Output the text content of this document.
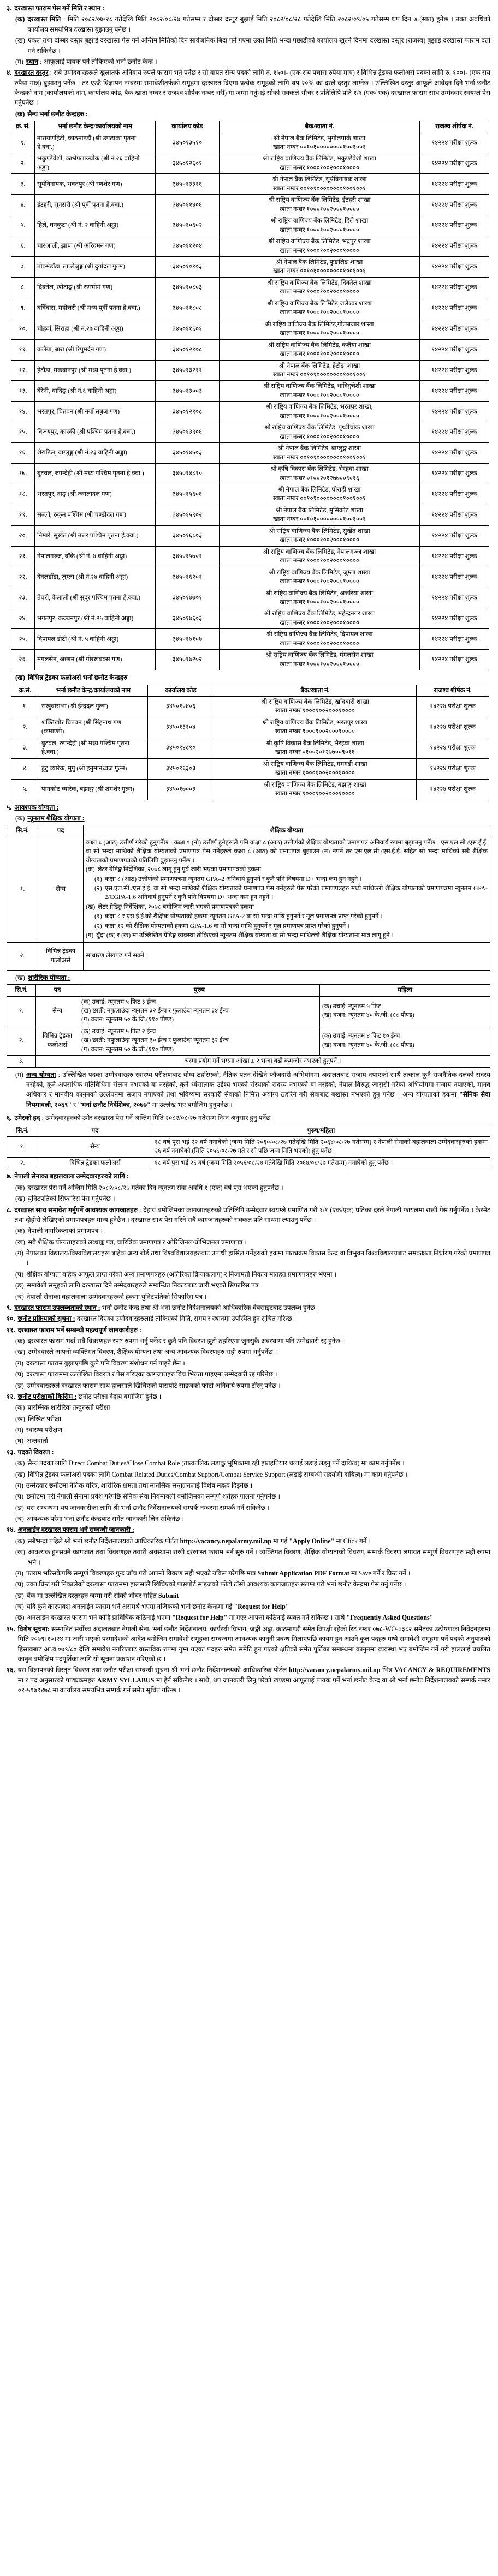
३. दरखास्त फाराम पेस गर्ने मिति र स्थान :
(क) दरखास्त मिति : मिति २०८२/०७/२८ गतेदेखि मिति २०८२/०८/२७ गतेसम्म र दोब्बर दस्तुर बुझाई मिति २०८२/०८/२८ गतेदेखि मिति २०८२/०९/०५ गतेसम्म थप दिन ७ (सात) हुनेछ । उक्त अवधिको कार्यालय समयभित्र दरखास्त बुझाउनु पर्नेछ ।
(ख) एकल तथा दोब्बर दस्तुर बुझाई दरखास्त पेस गर्ने अन्तिम मितिको दिन सार्वजनिक बिदा पर्न गएमा उक्त मिति भन्दा पछाडीको कार्यालय खुल्ने दिनमा दरखास्त दस्तुर (राजस्व) बुझाई दरखास्त फाराम दर्ता गर्न सकिनेछ ।
(ग) स्थान : आफूलाई पायक पर्ने तोकिएको भर्ना छनौट केन्द्र ।
४. दरखास्त दस्तुर : सबै उम्मेदवारहरूले खुलातर्फ अनिवार्य रुपले फाराम भर्नु पर्नेछ र सो वापत सैन्य पदको लागि रु. १५०।- (एक सय पचास रुपैया मात्र) र विभिन्न ट्रेडका फलोअर्स पदको लागि रु. १००।- (एक सय रुपैया मात्र) बुझाउनु पर्नेछ । तर एउटै विज्ञापन नम्बरमा समावेशीतर्फको समूहमा दरखास्त दिएमा प्रत्येक समूहको लागि थप २०% का दरले दस्तुर लाग्नेछ । उल्लिखित दस्तुर आफूले आवेदन दिने भर्ना छनौट केन्द्रको नाम (कार्यालयको नाम, कार्यालय कोड, बैक खाता नम्बर र राजश्व शीर्षक नम्बर भरी) मा जम्मा गर्नुभई सोको सक्कले भौचर र प्रतिलिपि प्रति १/१ (एक/ एक) दरखास्त फाराम साथ उम्मेदवार स्वयम्ले पेस गर्नुपर्नेछ ।
(क) सैन्य भर्ना छनौट केन्द्रहरु :
क्र. सं.	भर्ना छनौट केन्द्र/कार्यालयको नाम	कार्यालय कोड	बैक/खाता नं.	राजश्व शीर्षक नं.
१.	नारायणहिटी, काठमाण्डौ (श्री उपत्यका पृतना हे.क्वा.)	३४५०१३५१०	श्री नेपाल बैंक लिमिटेड, भुगोलपार्क शाखा
खाता नम्बर ००१०१००००००००१००१००१	१४२२४ परीक्षा शुल्क
२.	भकुण्डेवेशी, काभ्रेपलाञ्चोक (श्री नं.२६ वाहिनी अड्डा)	३४५०१२६०१	श्री राष्ट्रिय वाणिज्य बैंक लिमिटेड, भकुण्डेवेशी शाखा
खाता नम्बर १०००१००२०००१००००	१४२२४ परीक्षा शुल्क
३.	सूर्यविनायक, भक्तपुर (श्री रणशेर गण)	३४५०१३३१६	श्री नेपाल बैंक लिमिटेड, सूर्यविनायक शाखा
खाता नम्बर ००१०१००००००००१००१००१	१४२२४ परीक्षा शुल्क
४.	ईटहरी, सुनसरी (श्री पूर्वी पृतना हे.क्वा.)	३४५०११४०६	श्री राष्ट्रिय वाणिज्य बैंक लिमिटेड, ईटहरी शाखा
खाता नम्बर १०००१००२०००१००००	१४२२४ परीक्षा शुल्क
५.	हिले, धनकुटा (श्री नं. २ वाहिनी अड्डा)	३४५०१०६०२	श्री राष्ट्रिय वाणिज्य बैंक लिमिटेड, हिले शाखा
खाता नम्बर १०००१००२०००१००००	१४२२४ परीक्षा शुल्क
६.	चारआली, झापा (श्री अरिदमन गण)	३४५०११२०४	श्री राष्ट्रिय वाणिज्य बैंक लिमिटेड, भद्रपुर शाखा
खाता नम्बर १०००१००२०००१००००	१४२२४ परीक्षा शुल्क
७.	तोक्मेडाँडा, ताप्लेजुङ्ग (श्री दुर्गादल गुल्म)	३४५०१०१०३	श्री नेपाल बैंक लिमिटेड, फुङलिङ शाखा
खाता नम्बर ००१०१००००००००१००१००१	१४२२४ परीक्षा शुल्क
८.	दिक्तेल, खोटाङ्ग (श्री रणभीम गण)	३४५०१०८०३	श्री राष्ट्रिय वाणिज्य बैंक लिमिटेड, दिक्तेल शाखा
खाता नम्बर १०००१००२०००१००००	१४२२४ परीक्षा शुल्क
९.	बर्दिबास, महोत्तरी (श्री मध्य पूर्वी पृतना हे.क्वा.)	३४५०११८०८	श्री राष्ट्रिय वाणिज्य बैंक लिमिटेड,जलेश्वर शाखा
खाता नम्बर १०००१००२०००१००००	१४२२४ परीक्षा शुल्क
१०.	चोहर्वा, सिराहा (श्री नं.२७ वाहिनी अड्डा)	३४५०११६०१	श्री राष्ट्रिय वाणिज्य बैंक लिमिटेड,गोलबजार शाखा
खाता नम्बर १०००१००२०००१००००	१४२२४ परीक्षा शुल्क
११.	कलैया, बारा (श्री रिपुमर्दन गण)	३४५०१२१०८	श्री राष्ट्रिय वाणिज्य बैंक लिमिटेड, कलैया शाखा
खाता नम्बर १०००१००२०००१००००	१४२२४ परीक्षा शुल्क
१२.	हेटौडा, मकवानपुर (श्री मध्य पृतना हे.क्वा.)	३४५०१३२११	श्री नेपाल बैंक लिमिटेड, हेटौडा शाखा
खाता नम्बर ००१०१००००००००१००१००१	१४२२४ परीक्षा शुल्क
१३.	बैरेनी, धादिङ्ग (श्री नं.६ वाहिनी अड्डा)	३४५०१३००३	श्री राष्ट्रिय वाणिज्य बैंक लिमिटेड, धादिङ्गवेशी शाखा
खाता नम्बर १०००१००२०००१००००	१४२२४ परीक्षा शुल्क
१४.	भरतपुर, चितवन (श्री नयाँ सबुज गण)	३४५०१२१०८	श्री राष्ट्रिय वाणिज्य बैंक लिमिटेड, भरतपुर शाखा,
खाता नम्बर १०००१००२०००१००००	१४२२४ परीक्षा शुल्क
१५.	विजयपुर, कास्की (श्री पश्चिम पृतना हे.क्वा.)	३४५०१३९०६	श्री राष्ट्रिय वाणिज्य बैंक लिमिटेड, पृथ्वीचोक शाखा
खाता नम्बर १०००१००२०००१००००	१४२२४ परीक्षा शुल्क
१६.	शेराडिल, बाग्लुङ्ग (श्री नं.२३ वाहिनी अड्डा)	३४५०१४५०३	श्री नेपाल बैंक लिमिटेड, बाग्लुङ्ग शाखा
खाता नम्बर ००१०१००००००००१००१००१	१४२२४ परीक्षा शुल्क
१७.	बुटवल, रुपन्देही (श्री मध्य पश्चिम पृतना हे.क्वा.)	३४५०१४८१०	श्री कृषि विकास बैंक लिमिटेड, भैरहवा शाखा
खाता नम्बर ०१००२०१२७७००९०१६	१४२२४ परीक्षा शुल्क
१८.	भरतपुर, दाङ्ग (श्री ज्वालादल गण)	३४५०१५६०६	श्री नेपाल बैंक लिमिटेड, घोराही शाखा
खाता नम्बर ००१०१००००००००१००१००१	१४२२४ परीक्षा शुल्क
१९.	सल्लो, रुकुम पश्चिम (श्री चण्डीदल गण)	३४५०१५९०२	श्री नेपाल बैंक लिमिटेड, मुसिकोट शाखा
खाता नम्बर ००१०१००००००००१००१००१	१४२२४ परीक्षा शुल्क
२०.	निमारे, सुर्खेत (श्री उत्तर पश्चिम पृतना हे.क्वा.)	३४५०१६८०३	श्री राष्ट्रिय वाणिज्य बैंक लिमिटेड, सुर्खेत शाखा
खाता नम्बर १०००१००२०००१००००	१४२२४ परीक्षा शुल्क
२१.	नेपालगञ्ज, बाँके (श्री नं. ४ वाहिनी अड्डा)	३४५०१५७०१	श्री राष्ट्रिय वाणिज्य बैंक लिमिटेड, नेपालगञ्ज शाखा
खाता नम्बर १०००१००२०००१००००	१४२२४ परीक्षा शुल्क
२२.	देवलडाँडा, जुम्ला (श्री नं.२४ वाहिनी अड्डा)	३४५०१६२०१	श्री राष्ट्रिय वाणिज्य बैंक लिमिटेड, जुम्ला शाखा
खाता नम्बर १०००१००२०००१००००	१४२२४ परीक्षा शुल्क
२३.	तेघरी, कैलाली (श्री सुदूर पश्चिम पृतना हे.क्वा.)	३४५०१७७०१	श्री राष्ट्रिय वाणिज्य बैंक लिमिटेड, अत्तरिया शाखा
खाता नम्बर १०००१००२०००१००००	१४२२४ परीक्षा शुल्क
२४.	भगतपुर, कञ्चनपुर (श्री नं.२५ वाहिनी अड्डा)	३४५०१७६०३	श्री राष्ट्रिय वाणिज्य बैंक लिमिटेड, महेन्द्रनगर शाखा
खाता नम्बर १०००१००२०००१००००	१४२२४ परीक्षा शुल्क
२५.	दिपायल डोटी (श्री नं. ५ वाहिनी अड्डा)	३४५०१७१०७	श्री राष्ट्रिय वाणिज्य बैंक लिमिटेड, दिपायल शाखा
खाता नम्बर १०००१००२०००१००००	१४२२४ परीक्षा शुल्क
२६.	मंगलसेन, अछाम (श्री गोरखबक्स गण)	३४५०१७२०२	श्री राष्ट्रिय वाणिज्य बैंक लिमिटेड, मंगलसेन शाखा
खाता नम्बर १०००१००२०००१००००	१४२२४ परीक्षा शुल्क
(ख) विभिन्न ट्रेडका फलोअर्स भर्ना छनौट केन्द्रहरु
क्र.सं.	भर्ना छनौट केन्द्र/कार्यालयको नाम	कार्यालय कोड	बैक/खाता नं.	राजश्व शीर्षक नं.
१.	संखुवासभा (श्री ईन्द्रदल गुल्म)	३४५०१०४०६	श्री राष्ट्रिय वाणिज्य बैंक लिमिटेड, खाँदबारी शाखा
खाता नम्बर १०००१००२०००१००००	१४२२४ परीक्षा शुल्क
२.	शक्तिखोर चितवन (श्री सिंहनाथ गण (कमाण्डो)	३४५०१३१०४	श्री राष्ट्रिय वाणिज्य बैंक लिमिटेड, भरतपुर शाखा
खाता नम्बर १०००१००२०००१००००	१४२२४ परीक्षा शुल्क
३.	बुटवल, रुपन्देही (श्री मध्य पश्चिम पृतना हे.क्वा.)	३४५०१४८१०	श्री कृषि विकास बैंक लिमिटेड, भैरहवा शाखा
खाता नम्बर ०१००२०१२७७००९०१६	१४२२४ परीक्षा शुल्क
४.	हुटु व्यारेक, मुगु (श्री हनुमानध्वज गुल्म)	३४५०१६३०३	श्री राष्ट्रिय वाणिज्य बैंक लिमिटेड, गमगढी शाखा
खाता नम्बर १०००१००२०००१००००	१४२२४ परीक्षा शुल्क
५.	पानकोट व्यारेक, बझाङ्ग (श्री शमशेर गुल्म)	३४५०१७००३	श्री राष्ट्रिय वाणिज्य बैंक लिमिटेड, बझाङ्ग शाखा
खाता नम्बर १०००१००२०००१००००	१४२२४ परीक्षा शुल्क
५. आवश्यक योग्यता :
(क) न्यूनतम शैक्षिक योग्यता :
सि.नं.	पद	शैक्षिक योग्यता
१.	सैन्य	
कक्षा ८ (आठ) उत्तीर्ण गरेको हुनुपर्नेछ । कक्षा ९ (नौ) उत्तीर्ण हुनेहरूले पनि कक्षा ८ (आठ) उत्तीर्णको शैक्षिक योग्यताको प्रमाणपत्र अनिवार्य रुपमा बुझाउनु पर्नेछ । एस.एल.सी./एस.ई.ई. वा सो भन्दा माथिको शैक्षिक योग्यताको प्रमाणपत्र पेस गर्नेहरुले कक्षा ८ (आठ) को प्रमाणपत्र बुझाउन (न) नपर्ने तर एस.एल.सी./एस.ई.ई. सहित सो भन्दा माथिको सबै शैक्षिक योग्यताको प्रमाणपत्रको प्रतिलिपि बुझाउनु पर्नेछ ।
(क) लेटर ग्रेडिङ्ग निर्देशिका, २०७८ लागू हुनु पूर्व जारी भएका प्रमाणपत्रको हकमा
(१) कक्षा ८ (आठ) उत्तीर्णको प्रमाणपत्रमा न्यूनतम GPA–2 अनिवार्य हुनुपर्ने र कुनै पनि विषयमा D+ भन्दा कम हुन नहुने ।
(२) एस.एल.सी./एस.ई.ई. वा सो भन्दा माथिको शैक्षिक योग्यताको प्रमाणपत्र पेस गर्नेहरुले पेस गरेको प्रमाणपत्रहरु मध्ये माथिल्लो शैक्षिक योग्यताको प्रमाणपत्रमा न्यूनतम GPA-2/CGPA-1.6 अनिवार्य हुनुपर्ने र कुनै पनि विषयमा D+ भन्दा कम हुन नहुने ।
(ख) लेटर ग्रेडिङ्ग निर्देशिका, २०७८ बमोजिम जारी भएको प्रमाणपत्रको हकमा
(१) कक्षा ८ र एस.ई.ई.को शैक्षिक योग्यताको हकमा न्यूनतम GPA-2 वा सो भन्दा माथि हुनुपर्ने र मूल प्रमाणपत्र प्राप्त गरेको हुनुपर्ने ।
(२) कक्षा १२ को शैक्षिक योग्यताको हकमा GPA-1.6 वा सो भन्दा माथि हुनुपर्ने र मूल प्रमाणपत्र प्राप्त गरेको हुनुपर्ने ।
(ग) बुँदा (क) र (ख) मा उल्लिखित ग्रेडिङ्ग व्यवस्था तोकिएको न्यूनतम शैक्षिक योग्यता वा सो भन्दा माथिल्लो शैक्षिक योग्यतामा मात्र लागू हुने ।

२.	विभिन्न ट्रेडका फलोअर्स	साधारण लेखपढ गर्न सक्ने ।
(ख) शारीरिक योग्यता :
सि.नं.	पद	पुरुष	महिला
१.	सैन्य	
(क) उचाई: न्यूनतम ५ फिट ३ ईन्च
(ख) छाती: नफुलाउंदा न्यूनतम ३२ ईन्च र फुलाउंदा न्यूनतम ३४ ईन्च
(ग) वजन: न्यूनतम ५० के.जि.(११० पौण्ड)

(क) उचाई: न्यूनतम ५ फिट
(ख) वजन: न्यूनतम ४० के.जी. (८८ पौण्ड)

२.	विभिन्न ट्रेडका फलोअर्स	
(क) उचाई: न्यूनतम ५ फिट २ ईन्च
(ख) छाती: नफुलाउंदा न्यूनतम ३० ईन्च र फुलाउंदा न्यूनतम ३२ ईन्च
(ग) वजन: न्यूनतम ५० के.जी.(११० पौण्ड)

(क) उचाई: न्यूनतम ४ फिट १० ईन्च
(ख) वजन: न्यूनतम ४० के.जी. (८८ पौण्ड)

३.	चस्मा प्रयोग गर्ने भएमा आंखा ± २ भन्दा बढी कमजोर नभएको हुनुपर्ने ।		
(ग) अन्य योग्यता : उल्लिखित पदका उम्मेदवारहरु स्वास्थ्य परीक्षणबाट योग्य ठहरिएको, नैतिक पतन देखिने फौजदारी अभियोगमा अदालतबाट सजाय नपाएको साथै तत्काल कुनै राजनैतिक दलको सदस्य नरहेको, कुनै अपराधिक गतिविधिमा संलग्न नभएको वा नरहेको, कुनै ध्वंसात्मक उद्देश्य भएको संस्थाको सदस्य नभएको वा नरहेको, नेपाल विरुद्ध जासुसी गरेको अभियोगमा सजाय नपाएको, मानव अधिकार र मानवीय कानुनको उल्लंघनमा सजाय नपाएको तथा भविष्यमा सरकारी सेवाको निमित्त अयोग्य ठहरिने गरी सेवाबाट बर्खास्त नभएको हुनु पर्नेछ । अन्य योग्यताको हकमा "सैनिक सेवा नियमावली, २०६९" र "भर्ना छनौट निर्देशिका, २०७७" मा उल्लेख भए बमोजिम हुनुपर्नेछ ।
६. उमेरको हद : उम्मेदवारहरुको उमेर दरखास्त पेस गर्ने अन्तिम मिति २०८२/०८/२७ गतेसम्म निम्न अनुसार हुनु पर्नेछ ।
सि.नं.	पद	पुरुष/महिला
१.	सैन्य	१८ वर्ष पूरा भई २२ वर्ष ननाघेको (जन्म मिति २०६०/०८/२७ गतेदेखि मिति २०६४/०८/२७ गतेसम्म) र नेपाली सेनाको बहालवाला उम्मेदवारहरुको हकमा २६ वर्ष ननाघेको (मिति २०५६/०८/२७ गते र सो पछि जन्म मिति भएको) हुनु पर्नेछ ।
२.	विभिन्न ट्रेडका फलोअर्स	१८ वर्ष पुरा भई २६ वर्ष (जन्म मिति २०५६/०८/२७ गतेदेखि मिति २०६४/०८/२७ गतेसम्म) ननाघेको हुनु पर्नेछ ।
७. नेपाली सेनाका बहालवाला उम्मेदवारहरुको लागि :
(क) दरखास्त पेस गर्ने अन्तिम मिति २०८२/०८/२७ गतेका दिन न्यूनतम सेवा अवधि १ (एक) वर्ष पूरा भएको हुनुपर्नेछ ।
(ख) युनिटपतिको सिफारिस पेस गर्नुपर्नेछ ।
८. दरखास्त साथ समावेश गर्नुपर्ने आवश्यक कागजातहरु : देहाय बमोजिमका कागजातहरुको प्रतिलिपि उम्मेदवार स्वयम्ले प्रमाणित गरी १/१ (एक/एक) प्रतिका दरले नेपाली फायलमा राखी पेस गर्नुपर्नेछ । केरमेट तथा दोहोरो लेखिएको प्रमाणपत्रहरु मान्य हुनेछैन । दरखास्त साथ पेस गरिने सबै कागजातहरुको सक्कल प्रति साथमा ल्याउनु पर्नेछ ।
(क) नेपाली नागरिकताको प्रमाणपत्र ।
(ख) सबै शैक्षिक योग्यताहरुको लब्धाङ्क पत्र, चारित्रिक प्रमाणपत्र र ओरिजिनल/प्रोभिजनल प्रमाणपत्र ।
(ग) नेपालका विद्यालय/विश्वविद्यालयहरू बाहेक अन्य बोर्ड तथा विश्वविद्यालयहरुबाट उपाधी हासिल गर्नेहरुको हकमा पाठ्यक्रम विकास केन्द्र वा त्रिभुवन विश्वविद्यालयबाट समकक्षता निर्धारण गरेको प्रमाणपत्र ।
(घ) शैक्षिक योग्यता बाहेक आफूले प्राप्त गरेको अन्य प्रमाणपत्रहरु (अतिरिक्त क्रियाकलाप) र निजामती निकाय मातहत प्रमाणपत्रहरु भएमा ।
(ङ) समावेशी समूहको लागि दरखास्त दिने उम्मेदवारहरुले सम्बन्धित निकायबाट जारी भएको सिफारिस पत्र ।
(च) नेपाली सेनाका बहालवाला उम्मेदवारहरुको हकमा युनिटपतिको सिफारिस पत्र ।
९. दरखास्त फाराम उपलब्धताको स्थान : भर्ना छनौट केन्द्र तथा श्री भर्ना छनौट निर्देशनालयको आधिकारिक वेबसाइटबाट उपलब्ध हुनेछ ।
१०. छनौट प्रक्रियाको सूचना : दरखास्त दिएका उम्मेदवारहरुलाई तोकिएको मिति, समय र स्थानमा उपस्थित हुन सूचित गरिन्छ ।
११. दरखास्त फाराम भर्ने सम्बन्धी महत्वपूर्ण जानकारीहरु :
(क) दरखास्त फाराम भर्दा सबै विवरणहरु स्पष्ट रुपमा भर्नु पर्नेछ र कुनै पनि विवरण झुटो ठहरिएमा जुनसुकै अवस्थामा पनि उम्मेदवारी रद्द हुनेछ ।
(ख) उम्मेदवारले आफ्नो व्यक्तिगत विवरण, शैक्षिक योग्यता तथा अन्य आवश्यक विवरणहरु सही रुपमा भर्नुपर्नेछ ।
(ग) दरखास्त फाराम बुझाएपछि कुनै पनि विवरण संशोधन गर्न पाइने छैन ।
(घ) दरखास्त फाराममा उल्लेखित विवरण र पेस गरिएका कागजातहरु बिच भिन्नता पाइएमा उम्मेदवारी रद्द गरिनेछ ।
(ङ) उम्मेदवारहरुले दरखास्त फाराम साथ हालसालै खिचिएको पासपोर्ट साइजको फोटो अनिवार्य रुपमा टाँस्नु पर्नेछ ।
१२. छनौट परीक्षाको किसिम : छनौट परीक्षा देहाय बमोजिम हुनेछ ।
(क) प्रारम्भिक शारीरिक तन्दुरुस्ती परीक्षा
(ख) लिखित परीक्षा
(ग) स्वास्थ्य परीक्षण
(घ) अन्तर्वार्ता
१३. पदको विवरण :
(क) सैन्य पदका लागि Direct Combat Duties/Close Combat Role (तात्कालिक लडाकु भूमिकामा रही हातहतियार चलाई लडाई लड्नु पर्ने दायित्व) मा काम गर्नुपर्नेछ ।
(ख) विभिन्न ट्रेडका फलोअर्स पदका लागि Combat Related Duties/Combat Support/Combat Service Support (लडाई सम्बन्धी सहयोगी दायित्व) मा काम गर्नुपर्नेछ ।
(ग) उम्मेदवार छनौटमा नैतिक चरित्र, शारीरिक क्षमता तथा मानसिक सन्तुलनलाई विशेष महत्व दिइनेछ ।
(घ) छनौटमा परी नेपाली सेनामा प्रवेश गरेपछि सैनिक सेवा नियमावली बमोजिमका सम्पूर्ण शर्तहरु पालना गर्नुपर्नेछ ।
(ङ) यस सम्बन्धमा थप जानकारीका लागि श्री भर्ना छनौट निर्देशनालयको सम्पर्क नम्बरमा सम्पर्क गर्न सकिनेछ ।
(च) आवश्यक परेमा भर्ना छनौट केन्द्रबाट समेत जानकारी लिन सकिनेछ ।
१४. अनलाईन दरखास्त फाराम भर्ने सम्बन्धी जानकारी :
(क) सबैभन्दा पहिले श्री भर्ना छनौट निर्देशनालयको आधिकारिक पोर्टल http://vacancy.nepalarmy.mil.np मा गई "Apply Online" मा Click गर्ने ।
(ख) आवश्यक हुनसक्ने कागजात तथा विवरणहरु तयारी अवस्थामा राखी दरखास्त फाराम भर्न सुरु गर्ने । व्यक्तिगत विवरण, शैक्षिक योग्यताको विवरण, सम्पर्क विवरण लगायत सम्पूर्ण विवरणहरु सही रुपमा भर्ने ।
(ग) फाराम भरिसकेपछि सम्पूर्ण विवरणहरु पुनः जाँच गरी आफ्नो विवरण सही भएको यकिन गरेपछि मात्र Submit Application PDF Format मा Save गर्ने र प्रिन्ट गर्ने ।
(घ) उक्त प्रिन्ट गरी निकालेको दरखास्त फाराममा हालसालै खिचिएको पासपोर्ट साइजको फोटो टाँसी आवश्यक कागजातहरु संलग्न गरी भर्ना छनौट केन्द्रमा पेस गर्नु पर्नेछ ।
(ङ) बैंक मा उल्लेखित दस्तुरहरु जम्मा गरी सोको भौचर सहित Submit
(च) यदि कुनै कारणवश अनलाईन फाराम भर्न असमर्थ भएमा नजिकको भर्ना छनौट केन्द्रमा गई "Request for Help"
(छ) अनलाईन दरखास्त फाराम भर्न कोहि प्राविधिक कठिनाई भएमा "Request for Help" मा गएर आफ्नो कठिनाई व्यक्त गर्न सकिन्छ । साथै "Frequently Asked Questions"
१५. विशेष सूचना: सम्मानित सर्वोच्च अदालतबाट नेपाली सेना, भर्ना छनौट निर्देशनालय, कार्यरथी विभाग, जङ्गी अड्डा, काठमाण्डौ समेत विपक्षी रहेको रिट नम्बर ०७८-WO-०३८२ समेतका उत्प्रेषणका निवेदनहरुमा मिति २०७९।१०।२४ मा जारी भएको परमादेशको आदेश बमोजिम समावेशी समूहका सम्बन्धमा आवश्यक कानुनी प्रबन्ध मिलाएपछि कायम हुन आउने कुल पदहरु मध्ये समावेशी समूहमा पर्ने पदको अनुपातको हिसाबबाट आ.व.०७९/८० देखि समावेश नगरिएबाट वास्तविक रुपमा गुम्न गएका पदहरु समेत समेटि हुन गएको क्षतिको समेत पूर्तिका सम्बन्धमा कानुनमा व्यवस्था भए बमोजिम गर्ने गरी हाललाई प्रचलित कानुन बमोजिम पदपूर्तिका लागि यो सूचना प्रकाशन गरिएको छ ।
१६. यस विज्ञापनको विस्तृत विवरण तथा छनौट परीक्षा सम्बन्धी सूचना श्री भर्ना छनौट निर्देशनालयको आधिकारिक पोर्टल http://vacancy.nepalarmy.mil.np भित्र VACANCY & REQUIREMENTS मा र पद अनुसारको पाठ्यक्रमहरु ARMY SYLLABUS मा हेर्न सकिनेछ । साथै, थप जानकारी लिनु परेको खण्डमा आफूलाई पायक पर्ने भर्ना छनौट केन्द्र वा श्री भर्ना छनौट निर्देशनालयको सम्पर्क नम्बर ०१-५९७९४७८ मा कार्यालय समयभित्र सम्पर्क गर्न समेत सूचित गरिन्छ ।
